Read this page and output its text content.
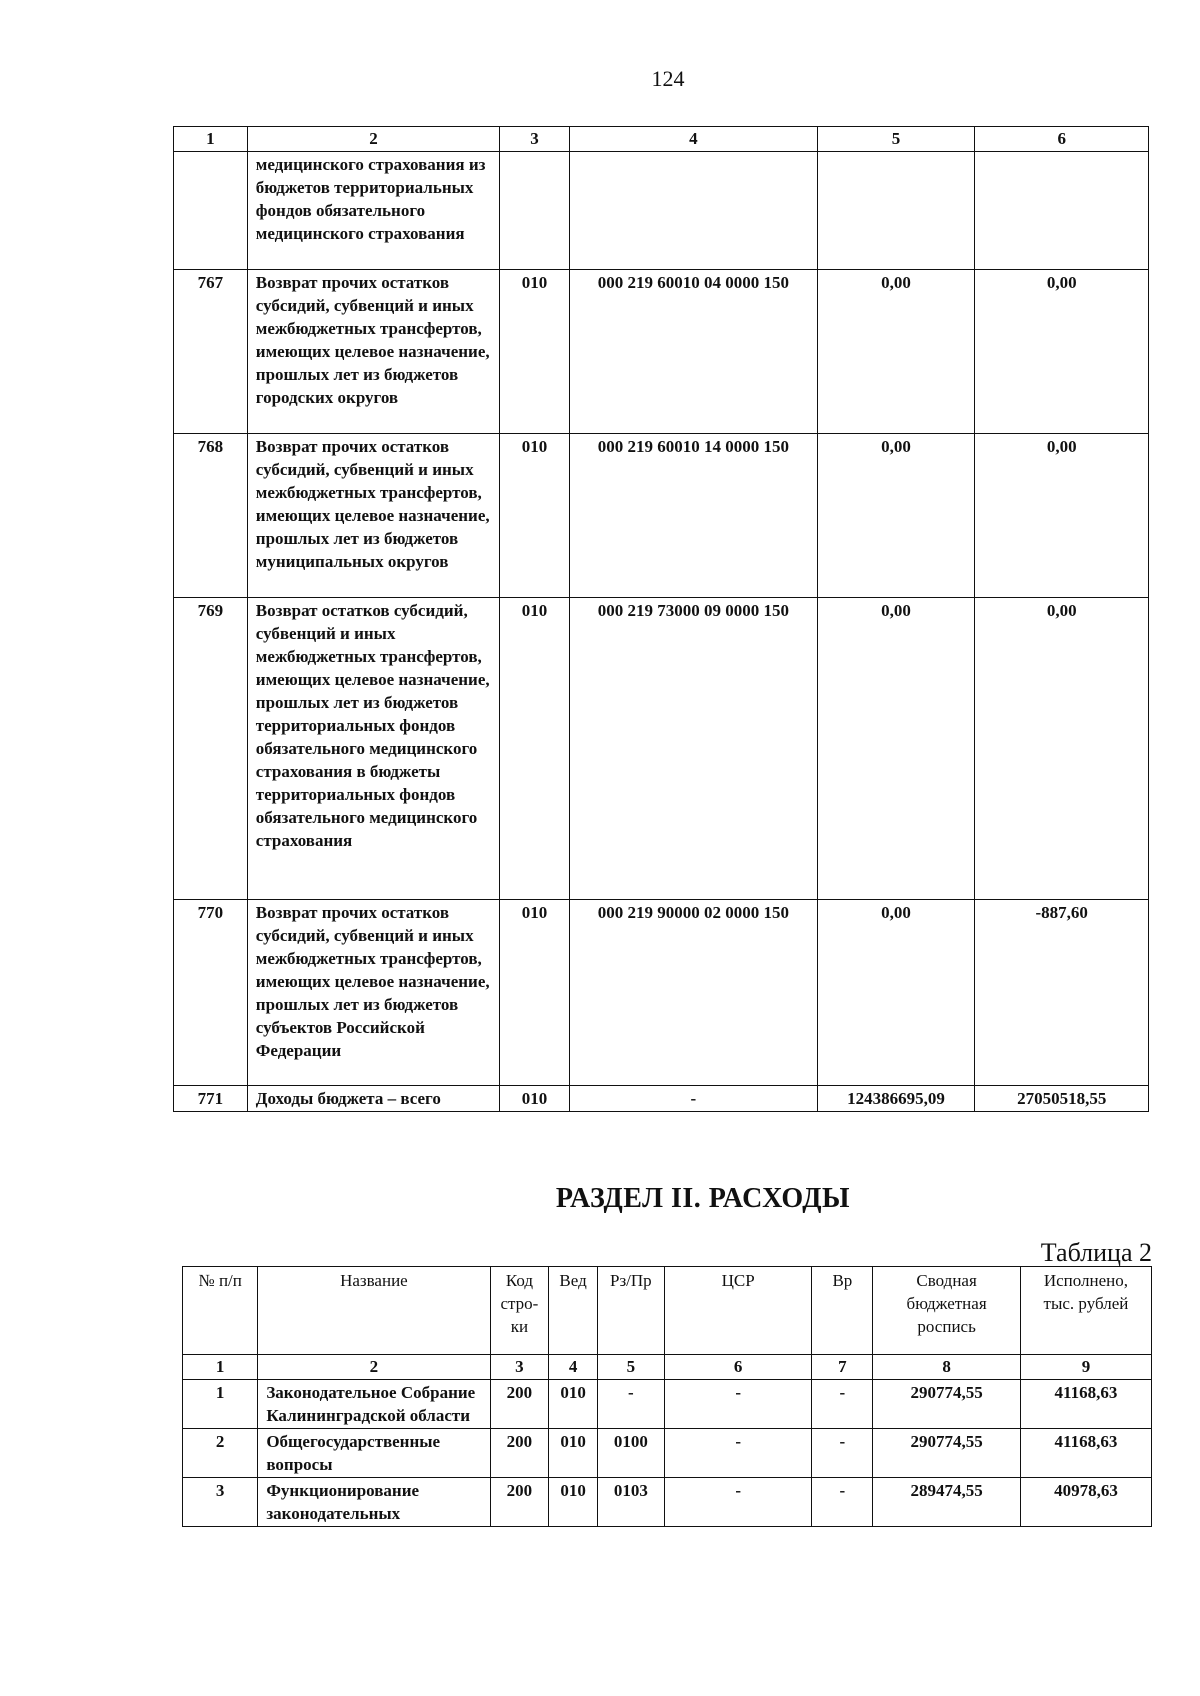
124
1	2	3	4	5	6
	медицинского страхования из бюджетов территориальных фондов обязательного медицинского страхования				
767	Возврат прочих остатков субсидий, субвенций и иных межбюджетных трансфертов, имеющих целевое назначение, прошлых лет из бюджетов городских округов	010	000 219 60010 04 0000 150	0,00	0,00
768	Возврат прочих остатков субсидий, субвенций и иных межбюджетных трансфертов, имеющих целевое назначение, прошлых лет из бюджетов муниципальных округов	010	000 219 60010 14 0000 150	0,00	0,00
769	Возврат остатков субсидий, субвенций и иных межбюджетных трансфертов, имеющих целевое назначение, прошлых лет из бюджетов территориальных фондов обязательного медицинского страхования в бюджеты территориальных фондов обязательного медицинского страхования	010	000 219 73000 09 0000 150	0,00	0,00
770	Возврат прочих остатков субсидий, субвенций и иных межбюджетных трансфертов, имеющих целевое назначение, прошлых лет из бюджетов субъектов Российской Федерации	010	000 219 90000 02 0000 150	0,00	-887,60
771	Доходы бюджета – всего	010	-	124386695,09	27050518,55
РАЗДЕЛ II. РАСХОДЫ
Таблица 2
№ п/п	Название	Код стро-ки	Вед	Рз/Пр	ЦСР	Вр	Сводная бюджетная роспись	Исполнено, тыс. рублей
1	2	3	4	5	6	7	8	9
1	Законодательное Собрание Калининградской области	200	010	-	-	-	290774,55	41168,63
2	Общегосударственные вопросы	200	010	0100	-	-	290774,55	41168,63
3	Функционирование законодательных	200	010	0103	-	-	289474,55	40978,63
